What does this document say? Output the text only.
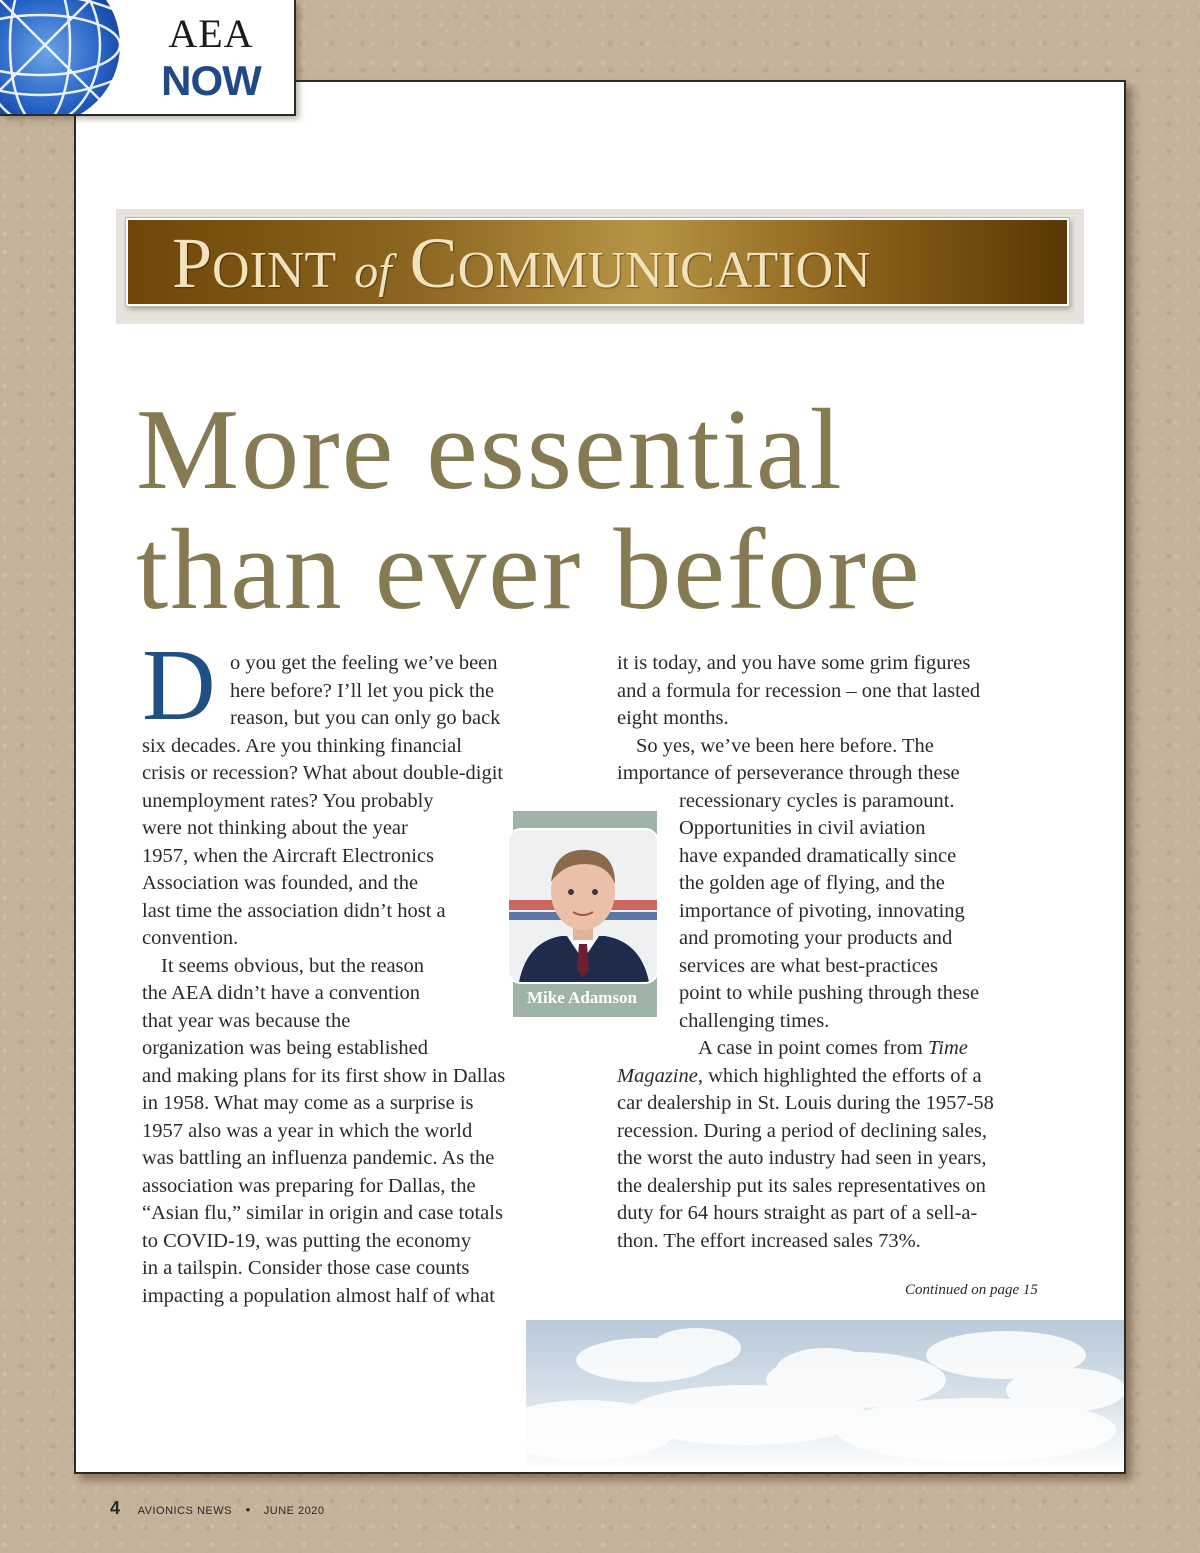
AEA
NOW
POINT of COMMUNICATION
More essential
than ever before
D o you get the feeling we’ve been
here before? I’ll let you pick the
reason, but you can only go back
six decades. Are you thinking financial
crisis or recession? What about double-digit
unemployment rates? You probably
were not thinking about the year
1957, when the Aircraft Electronics
Association was founded, and the
last time the association didn’t host a
convention.
It seems obvious, but the reason
the AEA didn’t have a convention
that year was because the
organization was being established
and making plans for its first show in Dallas
in 1958. What may come as a surprise is
1957 also was a year in which the world
was battling an influenza pandemic. As the
association was preparing for Dallas, the
“Asian flu,” similar in origin and case totals
to COVID-19, was putting the economy
in a tailspin. Consider those case counts
impacting a population almost half of what
Mike Adamson
it is today, and you have some grim figures
and a formula for recession – one that lasted
eight months.
So yes, we’ve been here before. The
importance of perseverance through these
recessionary cycles is paramount.
Opportunities in civil aviation
have expanded dramatically since
the golden age of flying, and the
importance of pivoting, innovating
and promoting your products and
services are what best-practices
point to while pushing through these
challenging times.
A case in point comes from Time
Magazine, which highlighted the efforts of a
car dealership in St. Louis during the 1957-58
recession. During a period of declining sales,
the worst the auto industry had seen in years,
the dealership put its sales representatives on
duty for 64 hours straight as part of a sell-a-
thon. The effort increased sales 73%.
Continued on page 15
4 AVIONICS NEWS • JUNE 2020
